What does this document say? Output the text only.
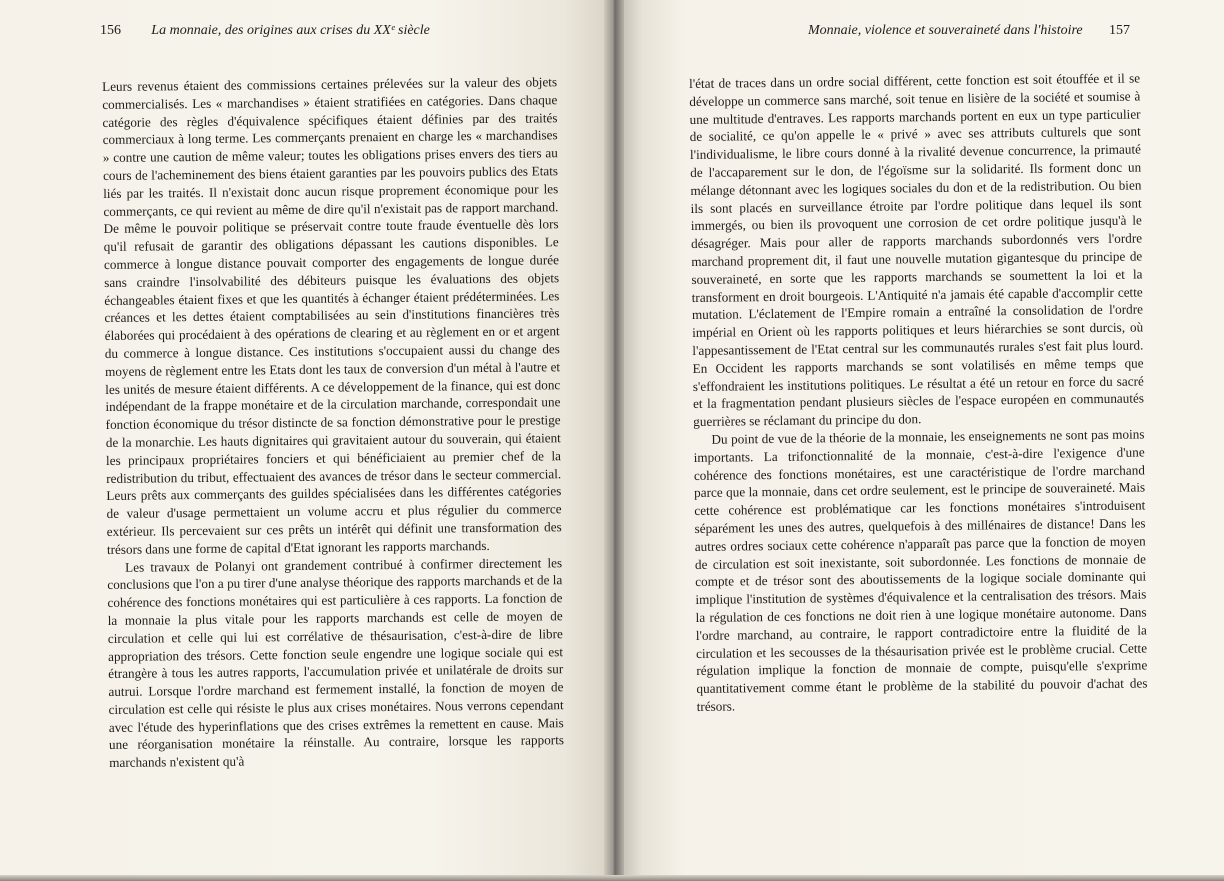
156 La monnaie, des origines aux crises du XXᵉ siècle

Leurs revenus étaient des commissions certaines prélevées sur la valeur des objets commercialisés. Les « marchandises » étaient stratifiées en catégories. Dans chaque catégorie des règles d'équivalence spécifiques étaient définies par des traités commerciaux à long terme. Les commerçants prenaient en charge les « marchandises » contre une caution de même valeur; toutes les obligations prises envers des tiers au cours de l'acheminement des biens étaient garanties par les pouvoirs publics des Etats liés par les traités. Il n'existait donc aucun risque proprement économique pour les commerçants, ce qui revient au même de dire qu'il n'existait pas de rapport marchand. De même le pouvoir politique se préservait contre toute fraude éventuelle dès lors qu'il refusait de garantir des obligations dépassant les cautions disponibles. Le commerce à longue distance pouvait comporter des engagements de longue durée sans craindre l'insolvabilité des débiteurs puisque les évaluations des objets échangeables étaient fixes et que les quantités à échanger étaient prédéterminées. Les créances et les dettes étaient comptabilisées au sein d'institutions financières très élaborées qui procédaient à des opérations de clearing et au règlement en or et argent du commerce à longue distance. Ces institutions s'occupaient aussi du change des moyens de règlement entre les Etats dont les taux de conversion d'un métal à l'autre et les unités de mesure étaient différents. A ce développement de la finance, qui est donc indépendant de la frappe monétaire et de la circulation marchande, correspondait une fonction économique du trésor distincte de sa fonction démonstrative pour le prestige de la monarchie. Les hauts dignitaires qui gravitaient autour du souverain, qui étaient les principaux propriétaires fonciers et qui bénéficiaient au premier chef de la redistribution du tribut, effectuaient des avances de trésor dans le secteur commercial. Leurs prêts aux commerçants des guildes spécialisées dans les différentes catégories de valeur d'usage permettaient un volume accru et plus régulier du commerce extérieur. Ils percevaient sur ces prêts un intérêt qui définit une transformation des trésors dans une forme de capital d'Etat ignorant les rapports marchands.

Les travaux de Polanyi ont grandement contribué à confirmer directement les conclusions que l'on a pu tirer d'une analyse théorique des rapports marchands et de la cohérence des fonctions monétaires qui est particulière à ces rapports. La fonction de la monnaie la plus vitale pour les rapports marchands est celle de moyen de circulation et celle qui lui est corrélative de thésaurisation, c'est-à-dire de libre appropriation des trésors. Cette fonction seule engendre une logique sociale qui est étrangère à tous les autres rapports, l'accumulation privée et unilatérale de droits sur autrui. Lorsque l'ordre marchand est fermement installé, la fonction de moyen de circulation est celle qui résiste le plus aux crises monétaires. Nous verrons cependant avec l'étude des hyperinflations que des crises extrêmes la remettent en cause. Mais une réorganisation monétaire la réinstalle. Au contraire, lorsque les rapports marchands n'existent qu'à

Monnaie, violence et souveraineté dans l'histoire 157

l'état de traces dans un ordre social différent, cette fonction est soit étouffée et il se développe un commerce sans marché, soit tenue en lisière de la société et soumise à une multitude d'entraves. Les rapports marchands portent en eux un type particulier de socialité, ce qu'on appelle le « privé » avec ses attributs culturels que sont l'individualisme, le libre cours donné à la rivalité devenue concurrence, la primauté de l'accaparement sur le don, de l'égoïsme sur la solidarité. Ils forment donc un mélange détonnant avec les logiques sociales du don et de la redistribution. Ou bien ils sont placés en surveillance étroite par l'ordre politique dans lequel ils sont immergés, ou bien ils provoquent une corrosion de cet ordre politique jusqu'à le désagréger. Mais pour aller de rapports marchands subordonnés vers l'ordre marchand proprement dit, il faut une nouvelle mutation gigantesque du principe de souveraineté, en sorte que les rapports marchands se soumettent la loi et la transforment en droit bourgeois. L'Antiquité n'a jamais été capable d'accomplir cette mutation. L'éclatement de l'Empire romain a entraîné la consolidation de l'ordre impérial en Orient où les rapports politiques et leurs hiérarchies se sont durcis, où l'appesantissement de l'Etat central sur les communautés rurales s'est fait plus lourd. En Occident les rapports marchands se sont volatilisés en même temps que s'effondraient les institutions politiques. Le résultat a été un retour en force du sacré et la fragmentation pendant plusieurs siècles de l'espace européen en communautés guerrières se réclamant du principe du don.

Du point de vue de la théorie de la monnaie, les enseignements ne sont pas moins importants. La trifonctionnalité de la monnaie, c'est-à-dire l'exigence d'une cohérence des fonctions monétaires, est une caractéristique de l'ordre marchand parce que la monnaie, dans cet ordre seulement, est le principe de souveraineté. Mais cette cohérence est problématique car les fonctions monétaires s'introduisent séparément les unes des autres, quelquefois à des millénaires de distance! Dans les autres ordres sociaux cette cohérence n'apparaît pas parce que la fonction de moyen de circulation est soit inexistante, soit subordonnée. Les fonctions de monnaie de compte et de trésor sont des aboutissements de la logique sociale dominante qui implique l'institution de systèmes d'équivalence et la centralisation des trésors. Mais la régulation de ces fonctions ne doit rien à une logique monétaire autonome. Dans l'ordre marchand, au contraire, le rapport contradictoire entre la fluidité de la circulation et les secousses de la thésaurisation privée est le problème crucial. Cette régulation implique la fonction de monnaie de compte, puisqu'elle s'exprime quantitativement comme étant le problème de la stabilité du pouvoir d'achat des trésors.
